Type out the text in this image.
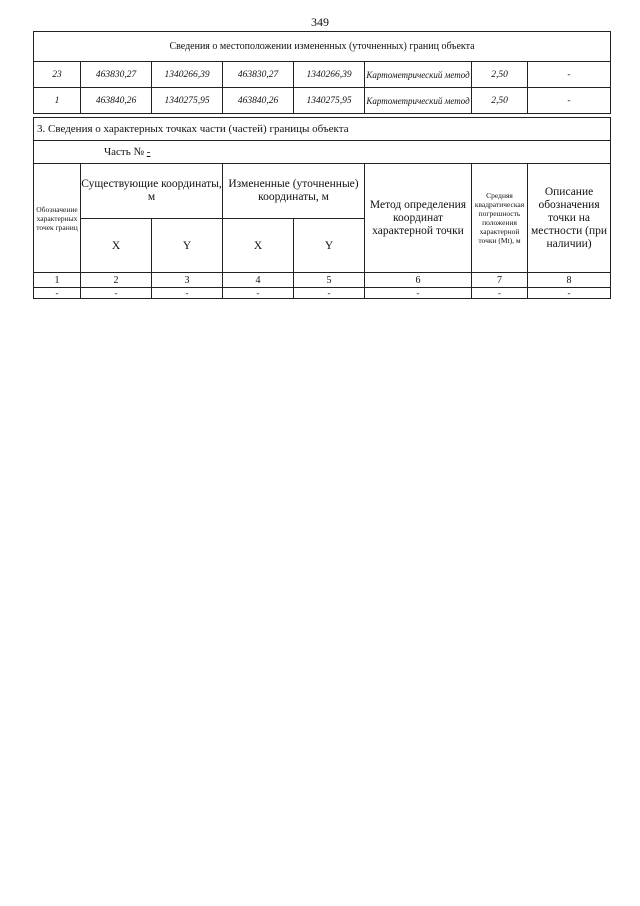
349
Сведения о местоположении измененных (уточненных) границ объекта							
23	463830,27	1340266,39	463830,27	1340266,39	Картометрический метод	2,50	-
1	463840,26	1340275,95	463840,26	1340275,95	Картометрический метод	2,50	-
3. Сведения о характерных точках части (частей) границы объекта							
Часть № -							
Обозначение характерных точек границ	Существующие координаты, м		Измененные (уточненные) координаты, м		Метод определения координат характерной точки	Средняя квадратическая погрешность положения характерной точки (Mt), м	Описание обозначения точки на местности (при наличии)
	X	Y	X	Y			
1	2	3	4	5	6	7	8
-	-	-	-	-	-	-	-
